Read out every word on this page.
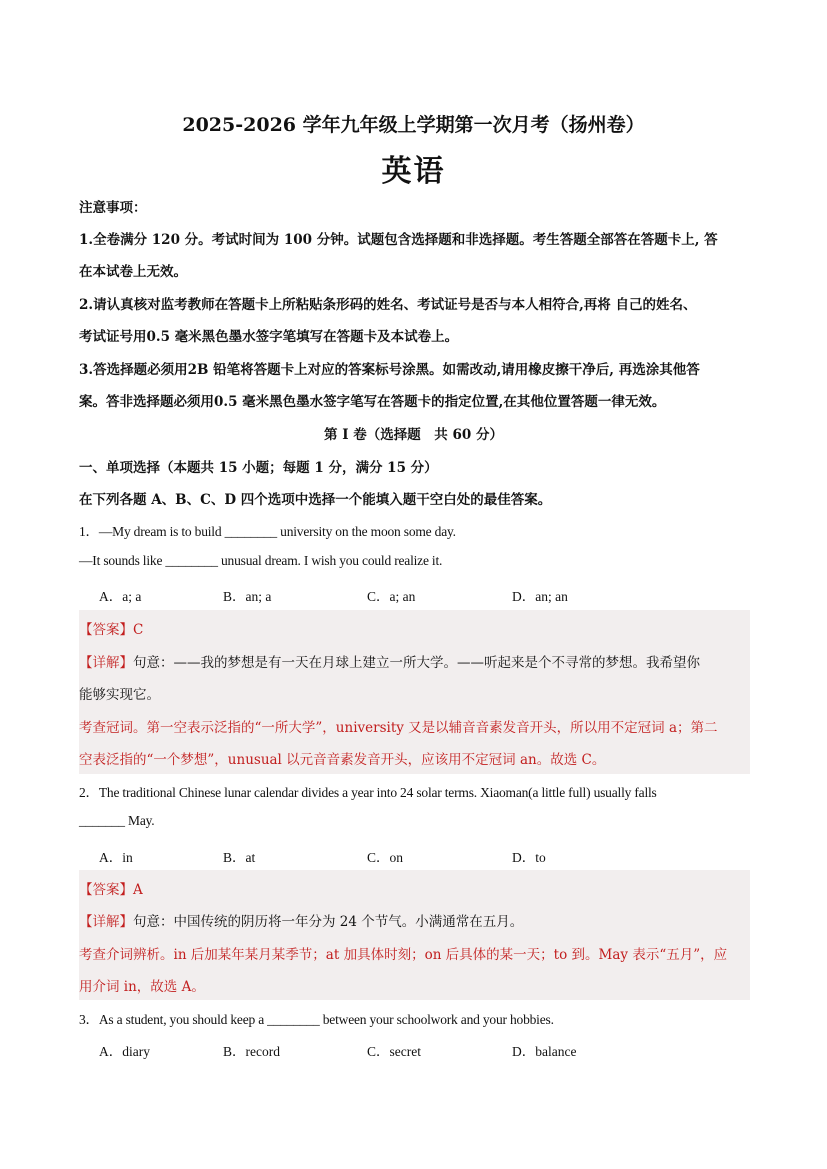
2025-2026 学年九年级上学期第一次月考（扬州卷）
英语
注意事项：
1.全卷满分 120 分。考试时间为 100 分钟。试题包含选择题和非选择题。考生答题全部答在答题卡上, 答
在本试卷上无效。
2.请认真核对监考教师在答题卡上所粘贴条形码的姓名、考试证号是否与本人相符合,再将 自己的姓名、
考试证号用0.5 毫米黑色墨水签字笔填写在答题卡及本试卷上。
3.答选择题必须用2B 铅笔将答题卡上对应的答案标号涂黑。如需改动,请用橡皮擦干净后, 再选涂其他答
案。答非选择题必须用0.5 毫米黑色墨水签字笔写在答题卡的指定位置,在其他位置答题一律无效。
第 I 卷（选择题　共 60 分）
一、单项选择（本题共 15 小题；每题 1 分，满分 15 分）
在下列各题 A、B、C、D 四个选项中选择一个能填入题干空白处的最佳答案。
1．—My dream is to build ________ university on the moon some day.
—It sounds like ________ unusual dream. I wish you could realize it.
A．a; a	B．an; a	C．a; an	D．an; an
【答案】C
【详解】句意：——我的梦想是有一天在月球上建立一所大学。——听起来是个不寻常的梦想。我希望你
能够实现它。
考查冠词。第一空表示泛指的“一所大学”，university 又是以辅音音素发音开头，所以用不定冠词 a；第二
空表泛指的“一个梦想”，unusual 以元音音素发音开头，应该用不定冠词 an。故选 C。
2．The traditional Chinese lunar calendar divides a year into 24 solar terms. Xiaoman(a little full) usually falls
_______ May.
A．in	B．at	C．on	D．to
【答案】A
【详解】句意：中国传统的阴历将一年分为 24 个节气。小满通常在五月。
考查介词辨析。in 后加某年某月某季节；at 加具体时刻；on 后具体的某一天；to 到。May 表示“五月”，应
用介词 in，故选 A。
3．As a student, you should keep a ________ between your schoolwork and your hobbies.
A．diary	B．record	C．secret	D．balance
